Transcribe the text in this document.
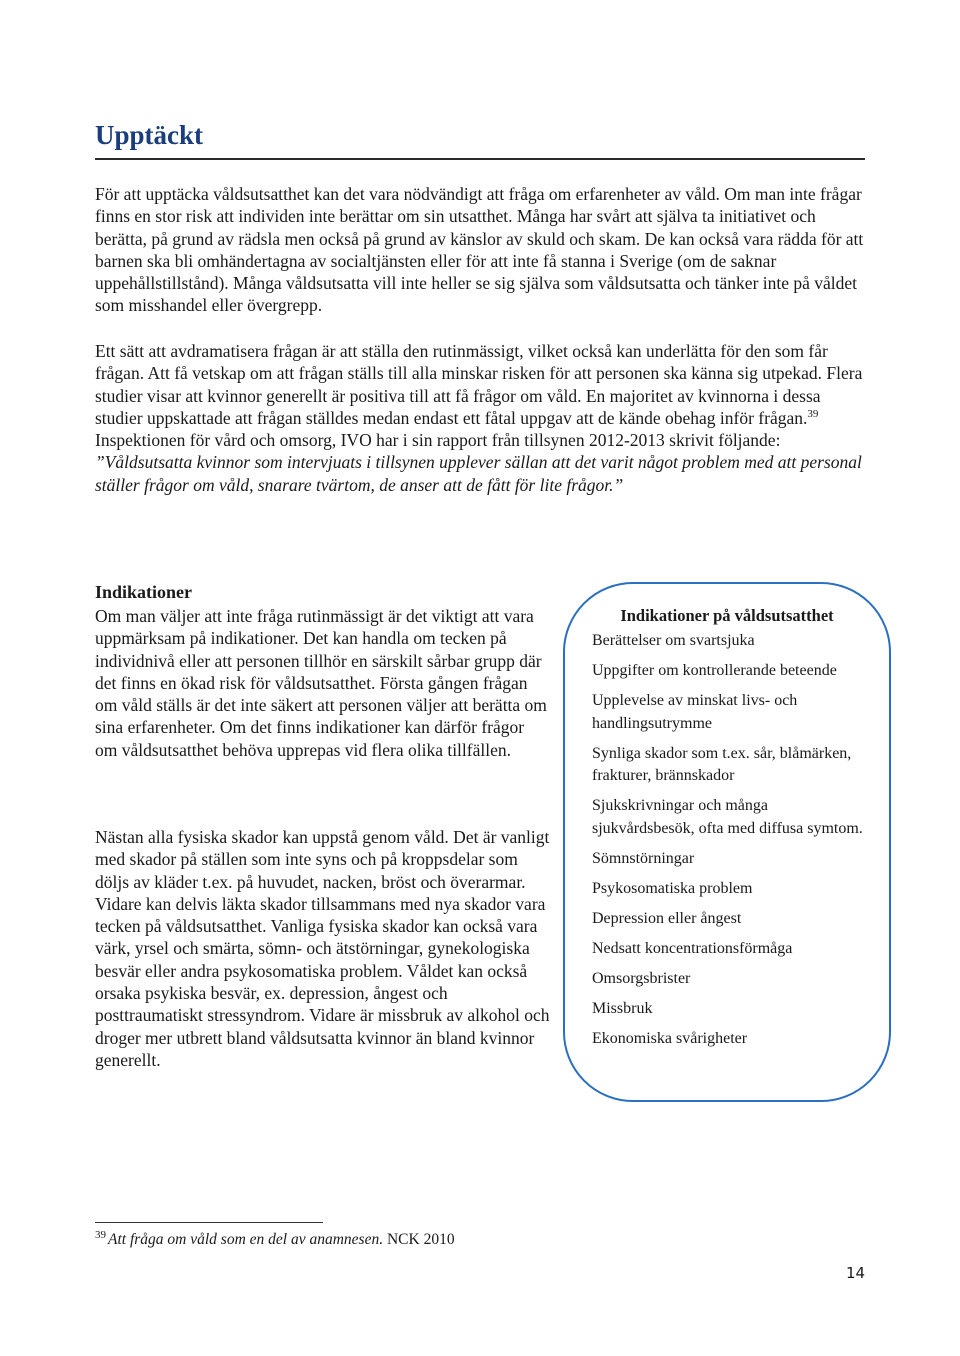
Upptäckt

För att upptäcka våldsutsatthet kan det vara nödvändigt att fråga om erfarenheter av våld. Om man inte frågar finns en stor risk att individen inte berättar om sin utsatthet. Många har svårt att själva ta initiativet och berätta, på grund av rädsla men också på grund av känslor av skuld och skam. De kan också vara rädda för att barnen ska bli omhändertagna av socialtjänsten eller för att inte få stanna i Sverige (om de saknar uppehållstillstånd). Många våldsutsatta vill inte heller se sig själva som våldsutsatta och tänker inte på våldet som misshandel eller övergrepp.

Ett sätt att avdramatisera frågan är att ställa den rutinmässigt, vilket också kan underlätta för den som får frågan. Att få vetskap om att frågan ställs till alla minskar risken för att personen ska känna sig utpekad. Flera studier visar att kvinnor generellt är positiva till att få frågor om våld. En majoritet av kvinnorna i dessa studier uppskattade att frågan ställdes medan endast ett fåtal uppgav att de kände obehag inför frågan.$^{39}$ Inspektionen för vård och omsorg, IVO har i sin rapport från tillsynen 2012-2013 skrivit följande: ”Våldsutsatta kvinnor som intervjuats i tillsynen upplever sällan att det varit något problem med att personal ställer frågor om våld, snarare tvärtom, de anser att de fått för lite frågor.”

Indikationer

Om man väljer att inte fråga rutinmässigt är det viktigt att vara uppmärksam på indikationer. Det kan handla om tecken på individnivå eller att personen tillhör en särskilt sårbar grupp där det finns en ökad risk för våldsutsatthet. Första gången frågan om våld ställs är det inte säkert att personen väljer att berätta om sina erfarenheter. Om det finns indikationer kan därför frågor om våldsutsatthet behöva upprepas vid flera olika tillfällen.

Nästan alla fysiska skador kan uppstå genom våld. Det är vanligt med skador på ställen som inte syns och på kroppsdelar som döljs av kläder t.ex. på huvudet, nacken, bröst och överarmar. Vidare kan delvis läkta skador tillsammans med nya skador vara tecken på våldsutsatthet. Vanliga fysiska skador kan också vara värk, yrsel och smärta, sömn- och ätstörningar, gynekologiska besvär eller andra psykosomatiska problem. Våldet kan också orsaka psykiska besvär, ex. depression, ångest och posttraumatiskt stressyndrom. Vidare är missbruk av alkohol och droger mer utbrett bland våldsutsatta kvinnor än bland kvinnor generellt.

Indikationer på våldsutsatthet

Berättelser om svartsjuka
Uppgifter om kontrollerande beteende
Upplevelse av minskat livs- och handlingsutrymme
Synliga skador som t.ex. sår, blåmärken, frakturer, brännskador
Sjukskrivningar och många sjukvårdsbesök, ofta med diffusa symtom.
Sömnstörningar
Psykosomatiska problem
Depression eller ångest
Nedsatt koncentrationsförmåga
Omsorgsbrister
Missbruk
Ekonomiska svårigheter

$^{39}$ Att fråga om våld som en del av anamnesen. NCK 2010

14
